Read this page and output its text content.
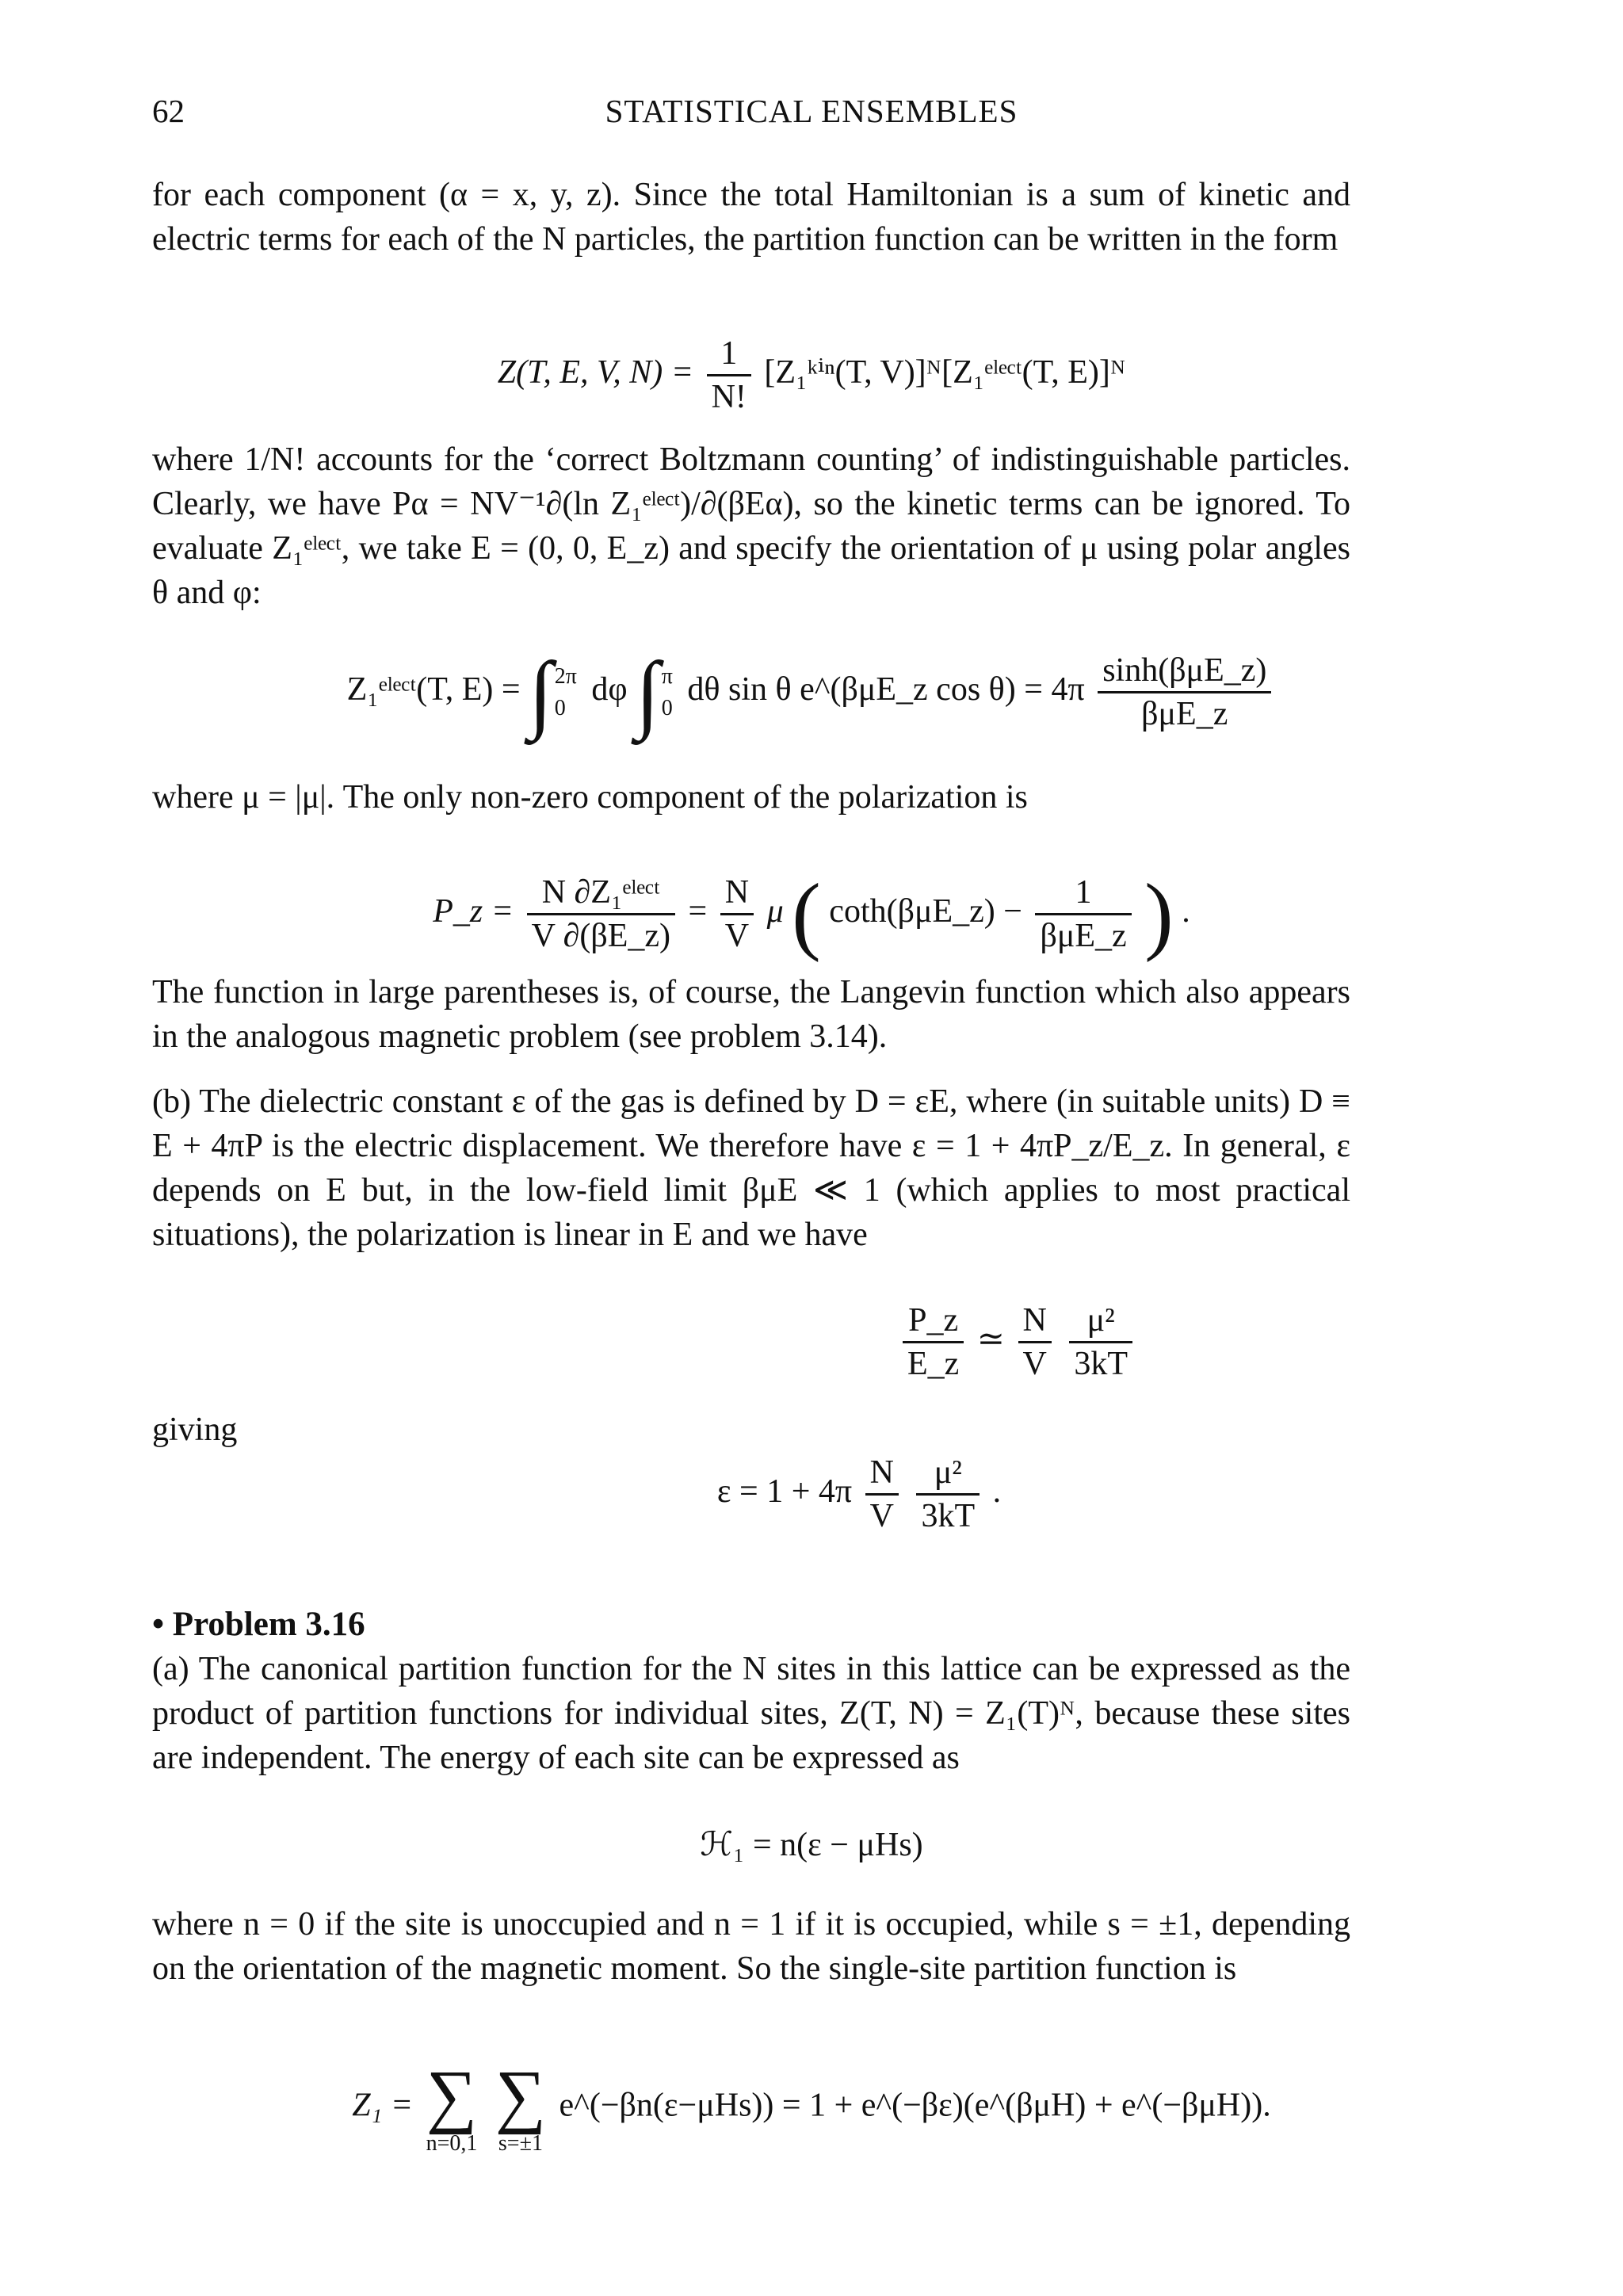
62	STATISTICAL ENSEMBLES

for each component (α = x, y, z). Since the total Hamiltonian is a sum of kinetic and electric terms for each of the N particles, the partition function can be written in the form

Z(T, E, V, $N) = \frac{1}{N!}$ [Z₁ᵏⁱⁿ(T, V)]ᴺ[Z₁ᵉˡᵉᶜᵗ(T, E)]ᴺ

where 1/N! accounts for the ‘correct Boltzmann counting’ of indistinguishable particles. Clearly, we have Pα = NV⁻¹∂(ln Z₁ᵉˡᵉᶜᵗ)/∂(βEα), so the kinetic terms can be ignored. To evaluate Z₁ᵉˡᵉᶜᵗ, we take E = (0, 0, E_z) and specify the orientation of μ using polar angles θ and φ:

Z₁ᵉˡᵉᶜᵗ(T, E) = ∫ 2π
0 dφ ∫ π
0 dθ sin θ e^(βμE_z $\cos \theta) = 4\pi \frac{\text{sinh(βμE\_z)}}{\text{βμE\_z}}$

where μ = |μ|. The only non-zero component of the polarization is

P_z = $\frac{\text{N ∂Z₁ᵉˡᵉᶜᵗ}}{V \partial(\beta E\_z)} = \frac{N}{V}$ μ ( coth(βμE_z) − $\frac{1}{\text{βμE\_z}}$ ) .

The function in large parentheses is, of course, the Langevin function which also appears in the analogous magnetic problem (see problem 3.14).

(b) The dielectric constant ε of the gas is defined by D = εE, where (in suitable units) D ≡ E + 4πP is the electric displacement. We therefore have ε = 1 + 4πP_z/E_z. In general, ε depends on E but, in the low-field limit βμE ≪ 1 (which applies to most practical situations), the polarization is linear in E and we have

$\frac{P\_z}{E\_z}$ ≃ $\frac{N}{V}$
$\frac{\text{μ²}}{3kT}$
giving
$\varepsilon = 1 + 4\pi \frac{N}{V}$
$\frac{\text{μ²}}{3kT}$ .
• Problem 3.16

(a) The canonical partition function for the N sites in this lattice can be expressed as the product of partition functions for individual sites, Z(T, N) = Z₁(T)ᴺ, because these sites are independent. The energy of each site can be expressed as

ℋ₁ = n(ε − μHs)

where n = 0 if the site is unoccupied and n = 1 if it is occupied, while s = ±1, depending on the orientation of the magnetic moment. So the single-site partition function is

Z₁ = ∑
n=0,1

∑
s=±1
e^(−βn(ε−μHs)) = 1 + e^(−βε)(e^(βμH) + e^(−βμH)).
